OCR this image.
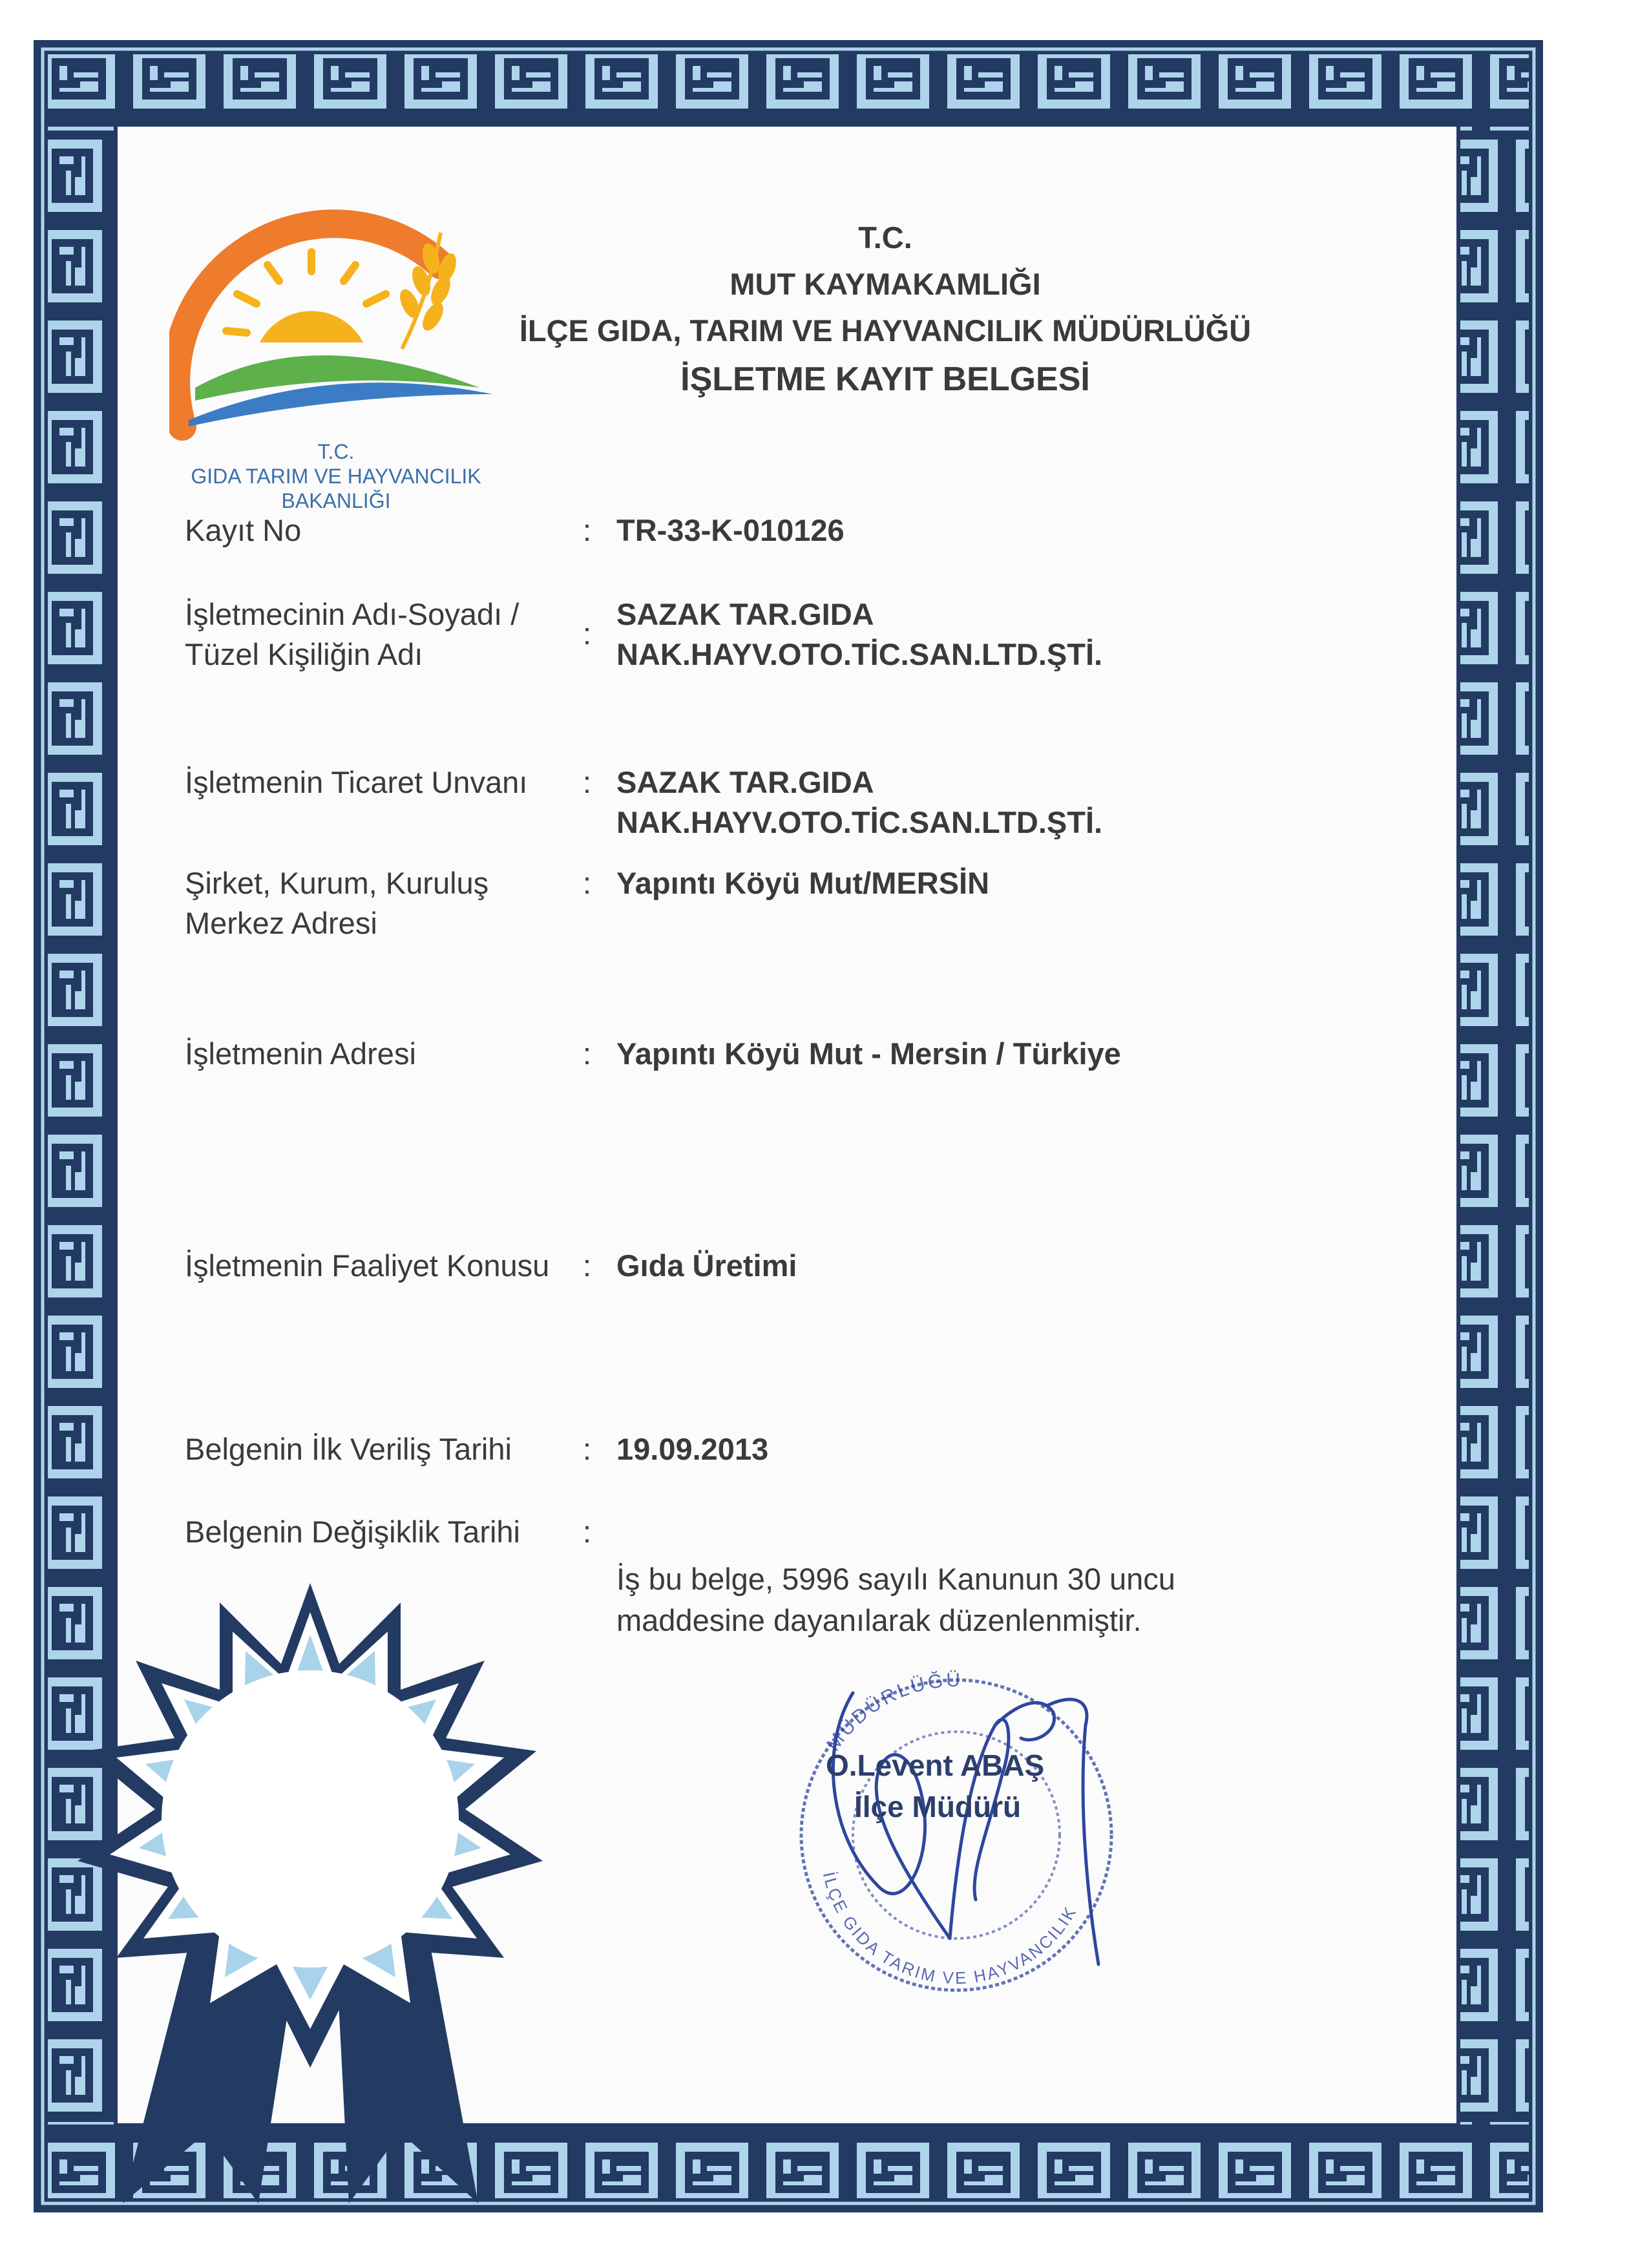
T.C.
GIDA TARIM VE HAYVANCILIK
BAKANLIĞI
T.C.
MUT KAYMAKAMLIĞI
İLÇE GIDA, TARIM VE HAYVANCILIK MÜDÜRLÜĞÜ
İŞLETME KAYIT BELGESİ
Kayıt No	: TR-33-K-010126
İşletmecinin Adı-Soyadı /
Tüzel Kişiliğin Adı
:
SAZAK TAR.GIDA
NAK.HAYV.OTO.TİC.SAN.LTD.ŞTİ.
İşletmenin Ticaret Unvanı : SAZAK TAR.GIDA
NAK.HAYV.OTO.TİC.SAN.LTD.ŞTİ.
Şirket, Kurum, Kuruluş
Merkez Adresi
: Yapıntı Köyü Mut/MERSİN
İşletmenin Adresi	: Yapıntı Köyü Mut - Mersin / Türkiye
İşletmenin Faaliyet Konusu : Gıda Üretimi
Belgenin İlk Veriliş Tarihi : 19.09.2013
Belgenin Değişiklik Tarihi :
İş bu belge, 5996 sayılı Kanunun 30 uncu
maddesine dayanılarak düzenlenmiştir.
MÜDÜRLÜĞÜ
İLÇE GIDA TARIM VE HAYVANCILIK
O.Levent ABAŞ
İlçe Müdürü
